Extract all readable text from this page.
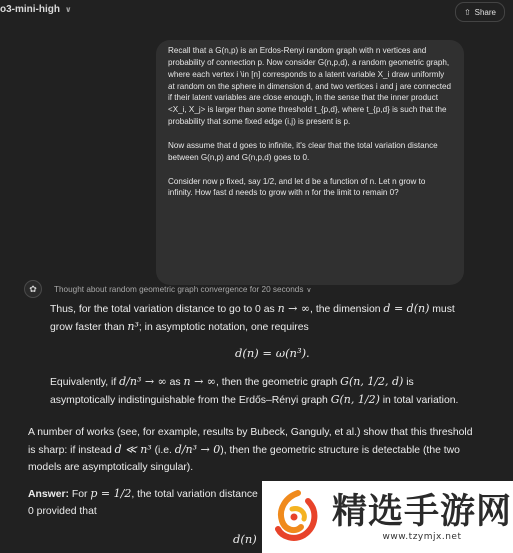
o3-mini-high ∨	⇧ Share

Recall that a G(n,p) is an Erdos-Renyi random graph with n vertices and probability of connection p. Now consider G(n,p,d), a random geometric graph, where each vertex i \in [n] corresponds to a latent variable X_i draw uniformly at random on the sphere in dimension d, and two vertices i and j are connected if their latent variables are close enough, in the sense that the inner product <X_i, X_j> is larger than some threshold t_{p,d}, where t_{p,d} is such that the probability that some fixed edge (i,j) is present is p.

Now assume that d goes to infinite, it's clear that the total variation distance between G(n,p) and G(n,p,d) goes to 0.

Consider now p fixed, say 1/2, and let d be a function of n. Let n grow to infinity. How fast d needs to grow with n for the limit to remain 0?

✿	Thought about random geometric graph convergence for 20 seconds ∨
Thus, for the total variation distance to go to 0 as n → ∞, the dimension d = d(n) must
grow faster than n³; in asymptotic notation, one requires
d(n) = ω(n³).
Equivalently, if d/n³ → ∞ as n → ∞, then the geometric graph G(n, 1/2, d) is
asymptotically indistinguishable from the Erdős–Rényi graph G(n, 1/2) in total variation.
A number of works (see, for example, results by Bubeck, Ganguly, et al.) show that this threshold
is sharp: if instead d ≪ n³ (i.e. d/n³ → 0), then the geometric structure is detectable (the two
models are asymptotically singular).
Answer: For p = 1/2, the total variation distance
0 provided that
d(n)
精选手游网
www.tzymjx.net
